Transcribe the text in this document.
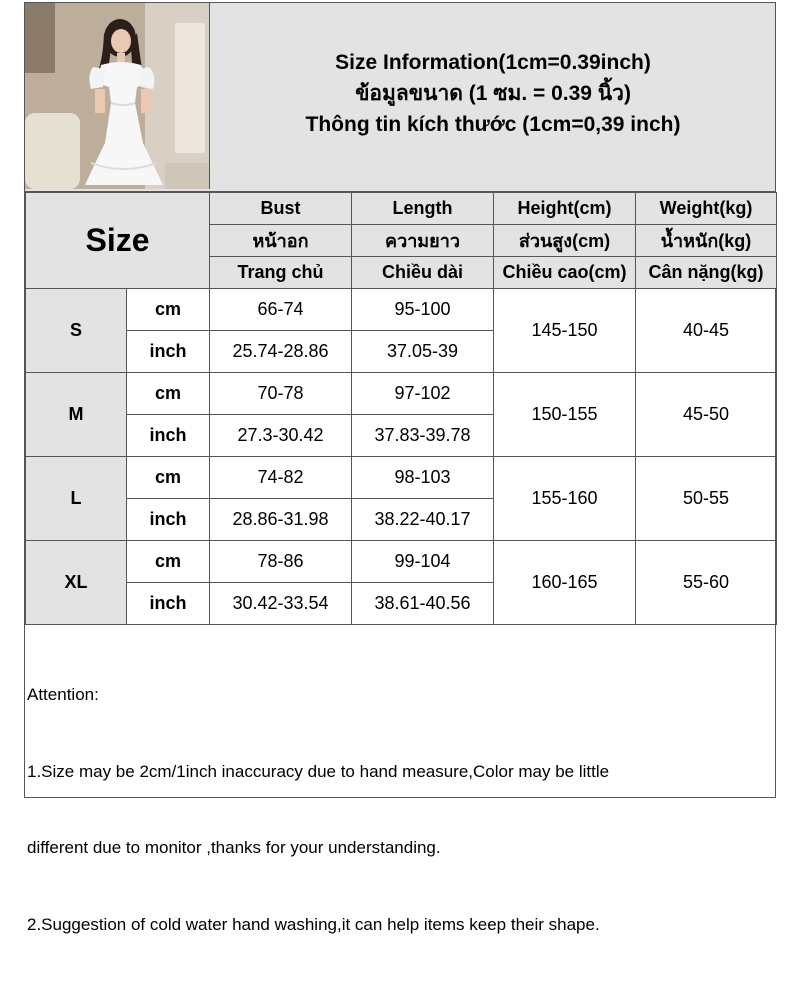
Size Information(1cm=0.39inch)
ข้อมูลขนาด (1 ซม. = 0.39 นิ้ว)
Thông tin kích thước (1cm=0,39 inch)
Size		Bust	Length	Height(cm)	Weight(kg)
		หน้าอก	ความยาว	ส่วนสูง(cm)	น้ำหนัก(kg)
		Trang chủ	Chiều dài	Chiều cao(cm)	Cân nặng(kg)
S	cm	66-74	95-100	145-150	40-45
	inch	25.74-28.86	37.05-39		
M	cm	70-78	97-102	150-155	45-50
	inch	27.3-30.42	37.83-39.78		
L	cm	74-82	98-103	155-160	50-55
	inch	28.86-31.98	38.22-40.17		
XL	cm	78-86	99-104	160-165	55-60
	inch	30.42-33.54	38.61-40.56		

Attention:

1.Size may be 2cm/1inch inaccuracy due to hand measure,Color may be little

different due to monitor ,thanks for your understanding.

2.Suggestion of cold water hand washing,it can help items keep their shape.
